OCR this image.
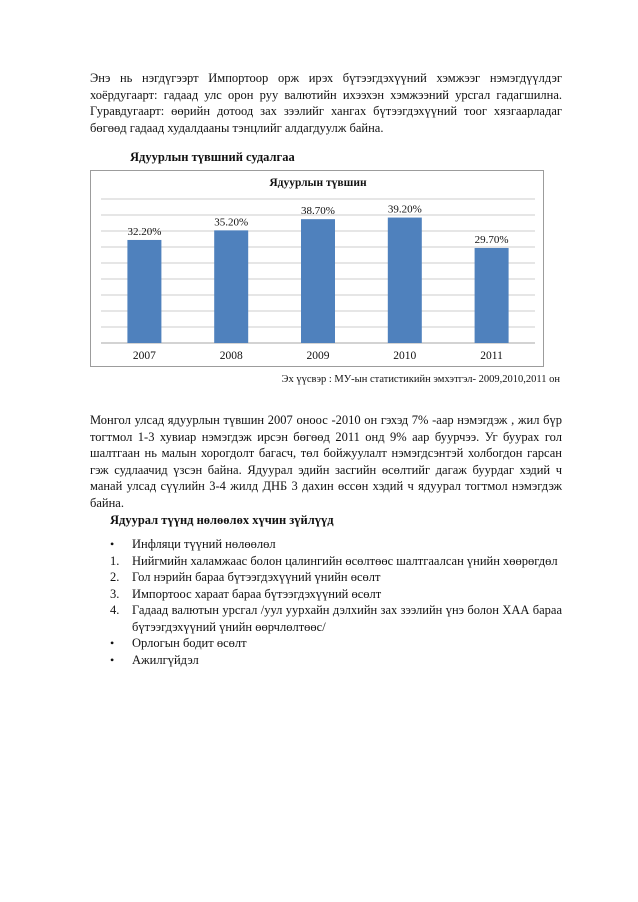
Энэ нь нэгдүгээрт Импортоор орж ирэх бүтээгдэхүүний хэмжээг нэмэгдүүлдэг хоёрдугаарт: гадаад улс орон руу валютийн ихээхэн хэмжээний урсгал гадагшилна. Гуравдугаарт: өөрийн дотоод зах зээлийг хангах бүтээгдэхүүний тоог хязгаарладаг бөгөөд гадаад худалдааны тэнцлийг алдагдуулж байна.

Ядуурлын түвшний судалгаа

Ядуурлын түвшин
32.20%
35.20%
38.70%	39.20%
29.70%
2007	2008	2009	2010	2011

Эх үүсвэр : МУ-ын статистикийн эмхэтгэл- 2009,2010,2011 он

Монгол улсад ядуурлын түвшин 2007 оноос -2010 он гэхэд 7% -аар нэмэгдэж , жил бүр тогтмол 1-3 хувиар нэмэгдэж ирсэн бөгөөд 2011 онд 9% аар буурчээ. Уг буурах гол шалтгаан нь малын хорогдолт багасч, төл бойжуулалт нэмэгдсэнтэй холбогдон гарсан гэж судлаачид үзсэн байна. Ядуурал эдийн засгийн өсөлтийг дагаж буурдаг хэдий ч манай улсад сүүлийн 3-4 жилд ДНБ 3 дахин өссөн хэдий ч ядуурал тогтмол нэмэгдэж байна.

Ядуурал түүнд нөлөөлөх хүчин зүйлүүд

•	Инфляци түүний нөлөөлөл
1.	Нийгмийн халамжаас болон цалингийн өсөлтөөс шалтгаалсан үнийн хөөрөгдөл
2.	Гол нэрийн бараа бүтээгдэхүүний үнийн өсөлт
3.	Импортоос хараат бараа бүтээгдэхүүний өсөлт
4.	Гадаад валютын урсгал /уул уурхайн дэлхийн зах зээлийн үнэ болон ХАА бараа бүтээгдэхүүний үнийн өөрчлөлтөөс/
•	Орлогын бодит өсөлт
•	Ажилгүйдэл
